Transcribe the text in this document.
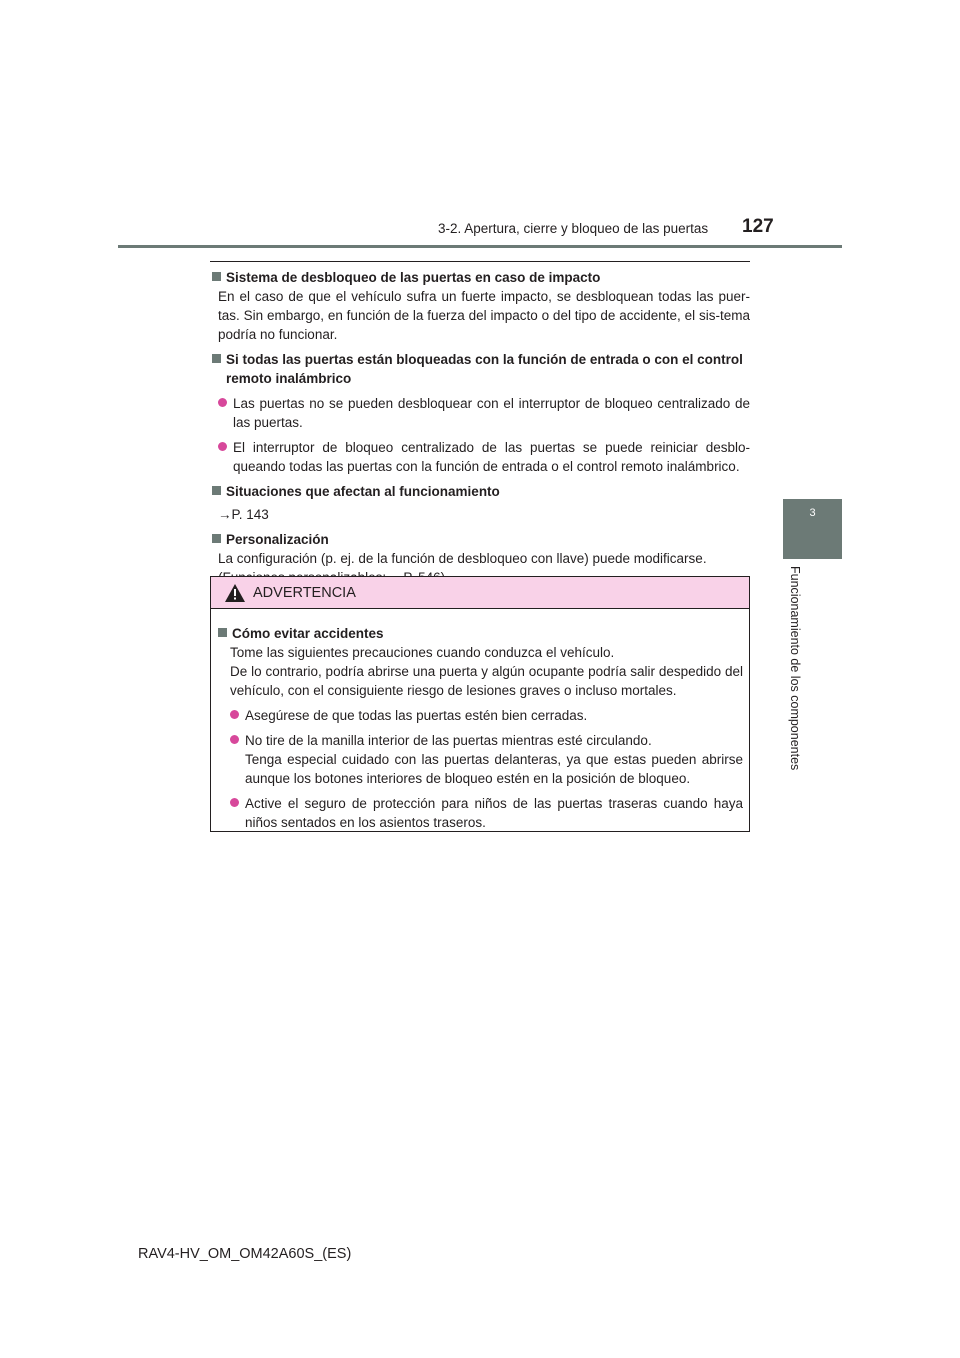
3-2. Apertura, cierre y bloqueo de las puertas 127
3
Funcionamiento de los componentes
Sistema de desbloqueo de las puertas en caso de impacto
En el caso de que el vehículo sufra un fuerte impacto, se desbloquean todas las puer-tas. Sin embargo, en función de la fuerza del impacto o del tipo de accidente, el sis-tema podría no funcionar.
Si todas las puertas están bloqueadas con la función de entrada o con el control remoto inalámbrico
Las puertas no se pueden desbloquear con el interruptor de bloqueo centralizado de las puertas.
El interruptor de bloqueo centralizado de las puertas se puede reiniciar desblo-queando todas las puertas con la función de entrada o el control remoto inalámbrico.
Situaciones que afectan al funcionamiento
→P. 143
Personalización
La configuración (p. ej. de la función de desbloqueo con llave) puede modificarse.
ADVERTENCIA
Cómo evitar accidentes
Tome las siguientes precauciones cuando conduzca el vehículo.
De lo contrario, podría abrirse una puerta y algún ocupante podría salir despedido del vehículo, con el consiguiente riesgo de lesiones graves o incluso mortales.
Asegúrese de que todas las puertas estén bien cerradas.
No tire de la manilla interior de las puertas mientras esté circulando.
Tenga especial cuidado con las puertas delanteras, ya que estas pueden abrirse aunque los botones interiores de bloqueo estén en la posición de bloqueo.
Active el seguro de protección para niños de las puertas traseras cuando haya niños sentados en los asientos traseros.
RAV4-HV_OM_OM42A60S_(ES)
